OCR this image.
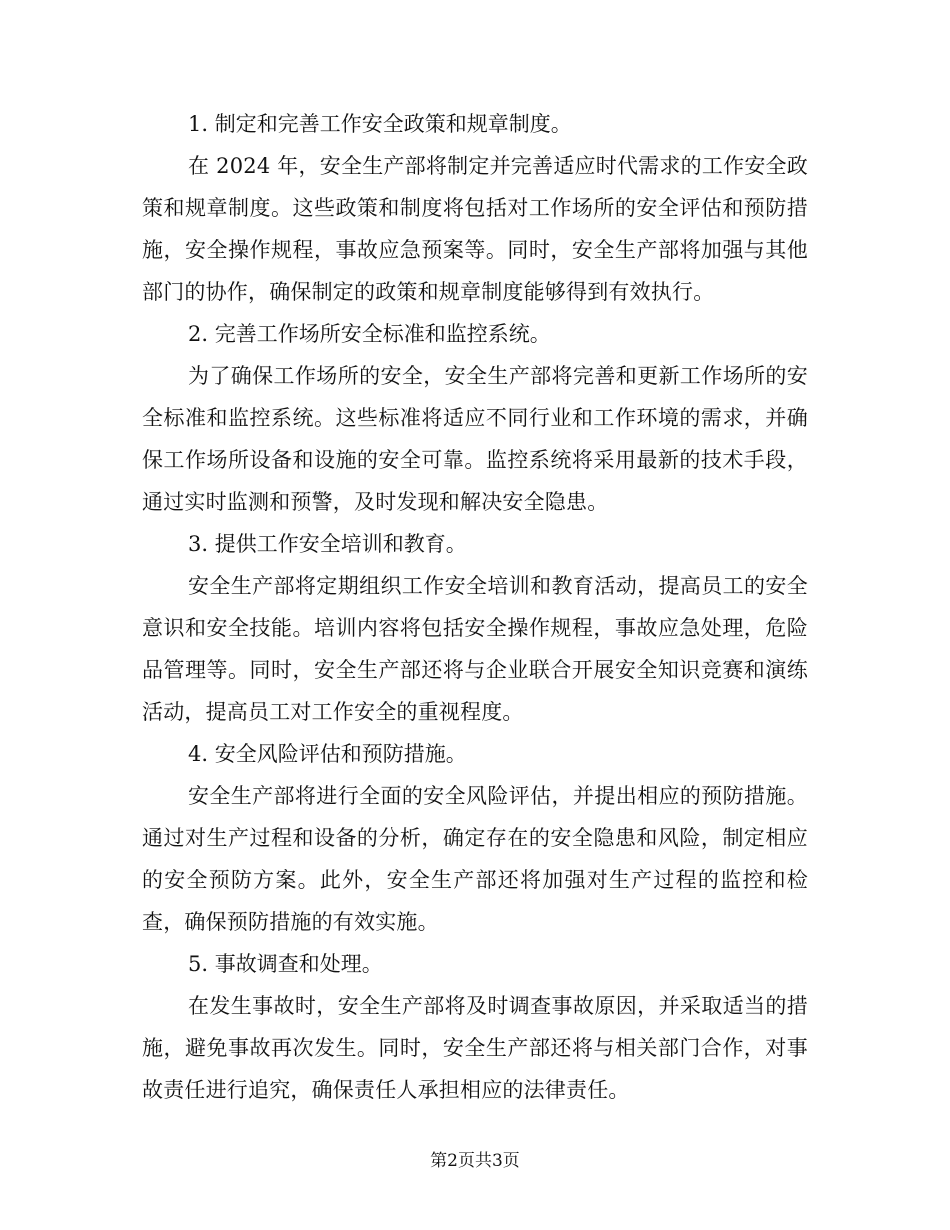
1. 制定和完善工作安全政策和规章制度。

在 2024 年，安全生产部将制定并完善适应时代需求的工作安全政策和规章制度。这些政策和制度将包括对工作场所的安全评估和预防措施，安全操作规程，事故应急预案等。同时，安全生产部将加强与其他部门的协作，确保制定的政策和规章制度能够得到有效执行。

2. 完善工作场所安全标准和监控系统。

为了确保工作场所的安全，安全生产部将完善和更新工作场所的安全标准和监控系统。这些标准将适应不同行业和工作环境的需求，并确保工作场所设备和设施的安全可靠。监控系统将采用最新的技术手段，通过实时监测和预警，及时发现和解决安全隐患。

3. 提供工作安全培训和教育。

安全生产部将定期组织工作安全培训和教育活动，提高员工的安全意识和安全技能。培训内容将包括安全操作规程，事故应急处理，危险品管理等。同时，安全生产部还将与企业联合开展安全知识竞赛和演练活动，提高员工对工作安全的重视程度。

4. 安全风险评估和预防措施。

安全生产部将进行全面的安全风险评估，并提出相应的预防措施。通过对生产过程和设备的分析，确定存在的安全隐患和风险，制定相应的安全预防方案。此外，安全生产部还将加强对生产过程的监控和检查，确保预防措施的有效实施。

5. 事故调查和处理。

在发生事故时，安全生产部将及时调查事故原因，并采取适当的措施，避免事故再次发生。同时，安全生产部还将与相关部门合作，对事故责任进行追究，确保责任人承担相应的法律责任。

第2页共3页
